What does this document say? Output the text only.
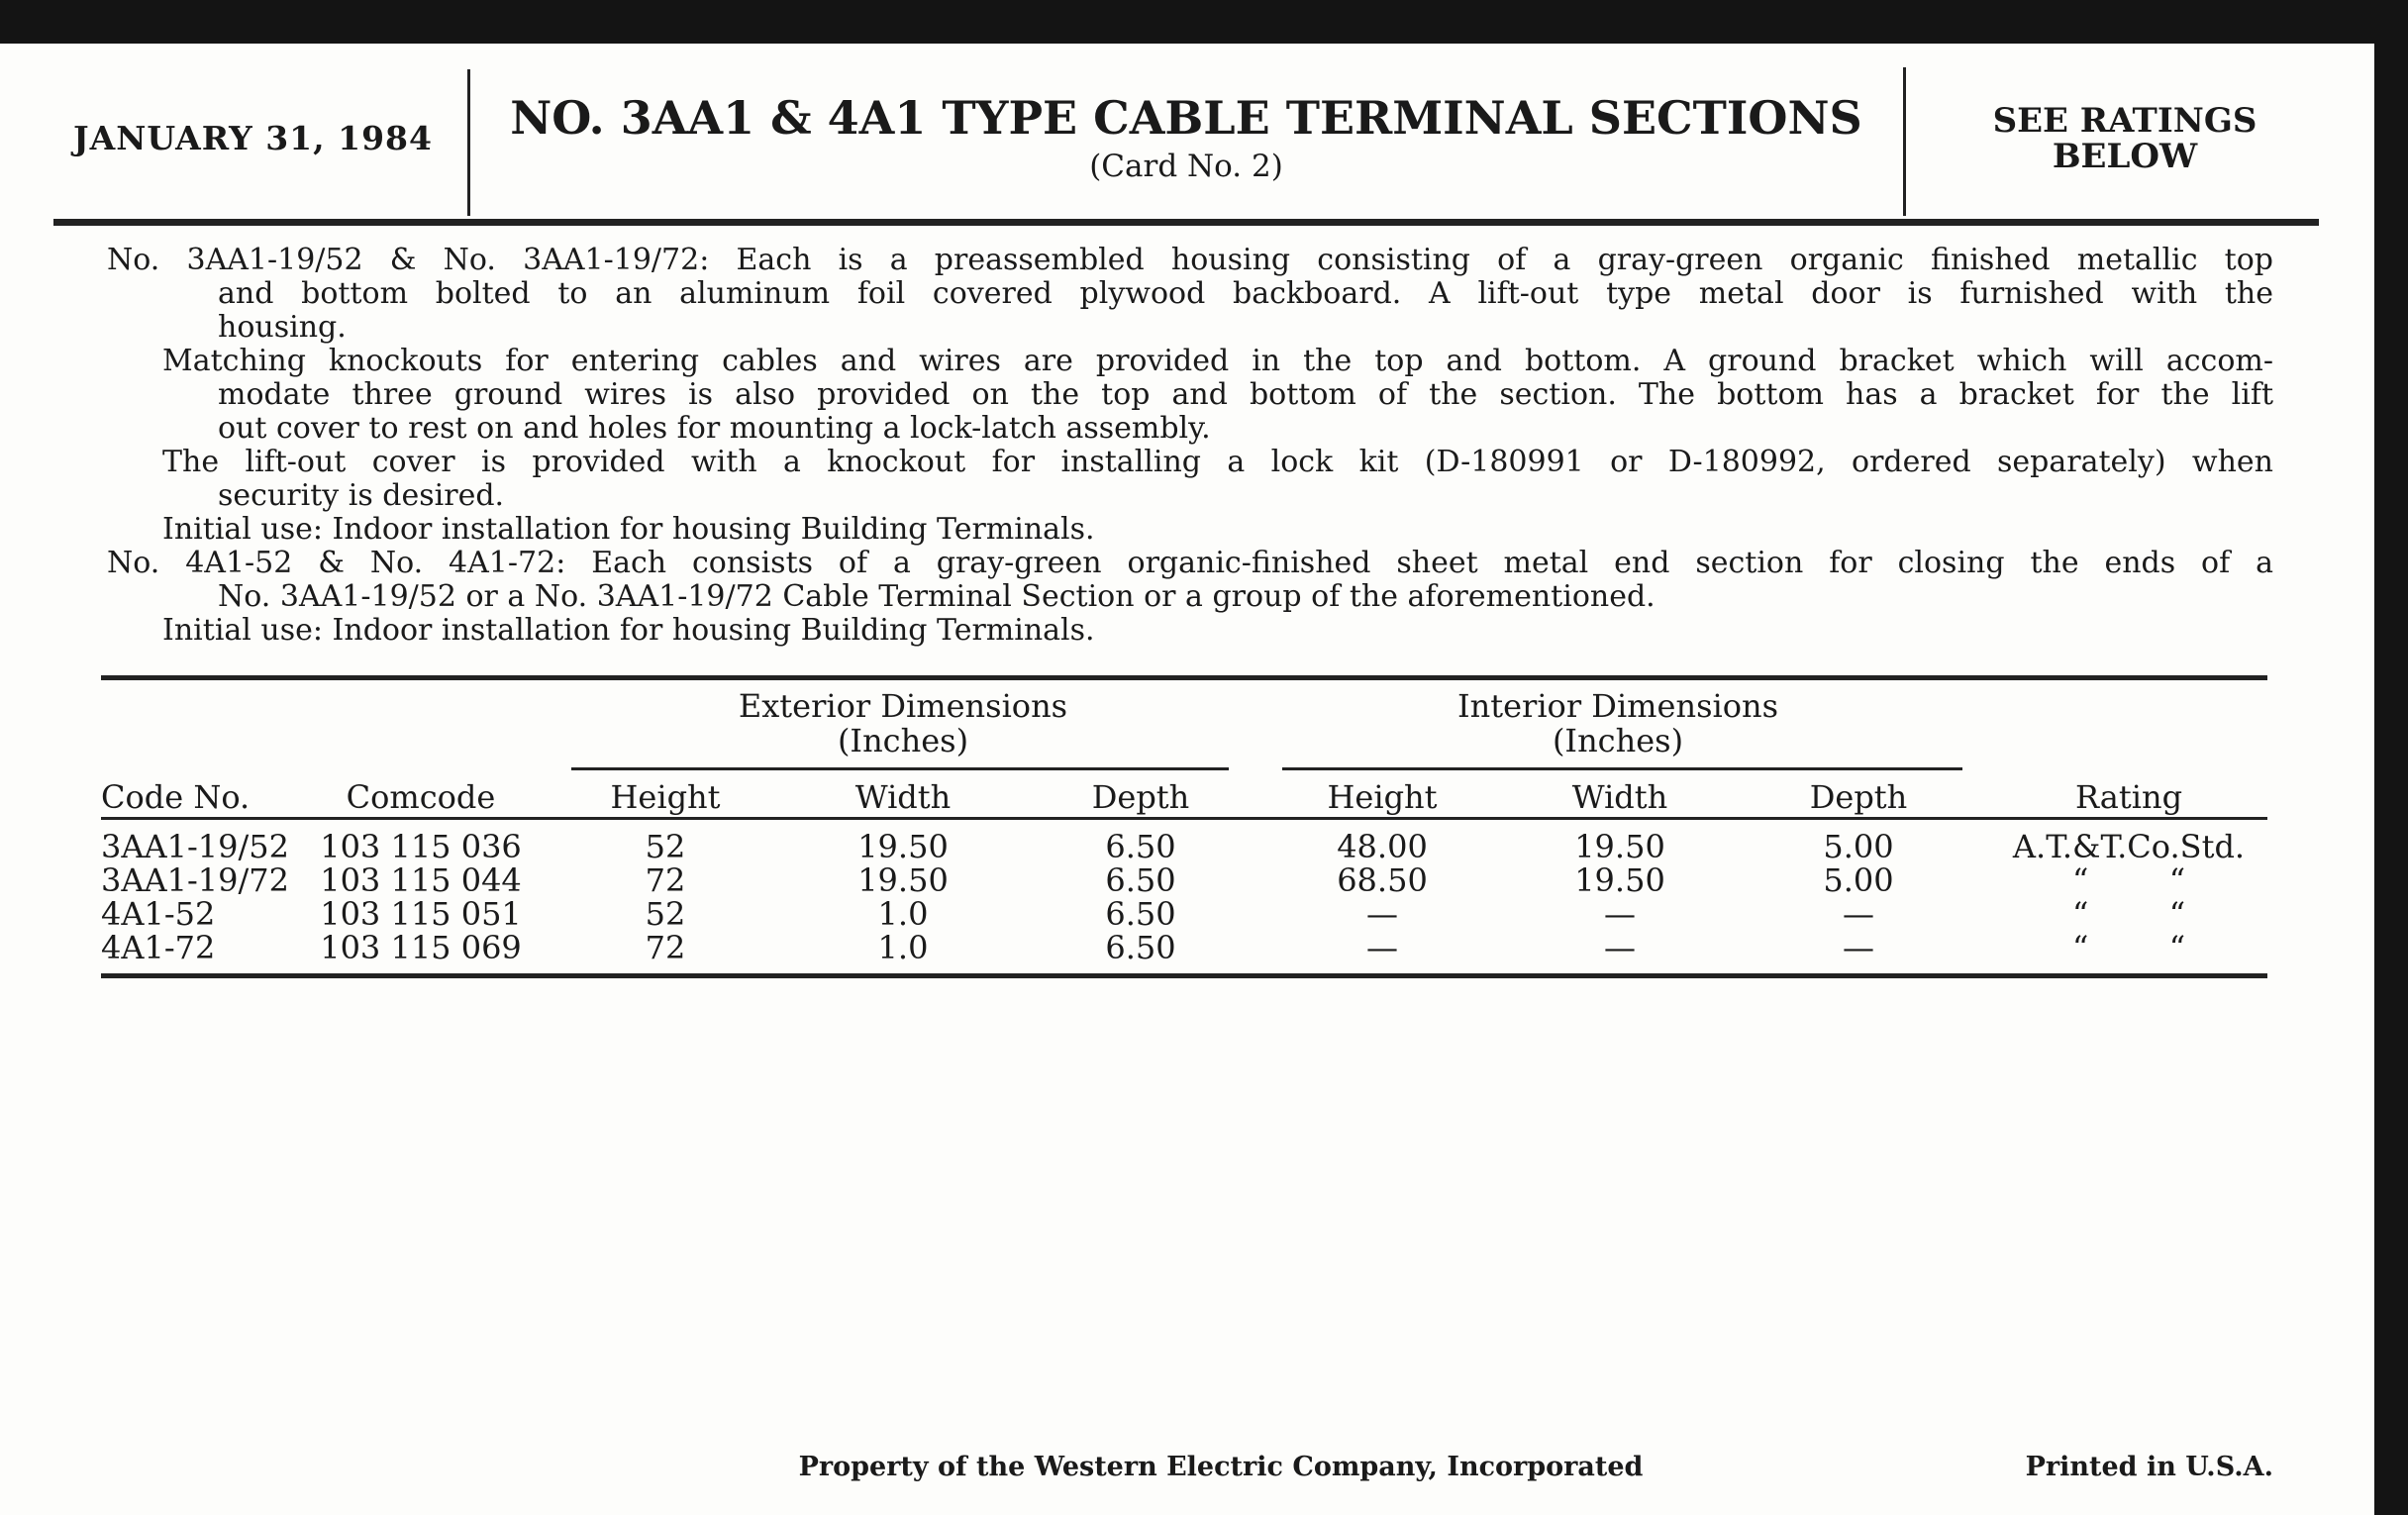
JANUARY 31, 1984	NO. 3AA1 & 4A1 TYPE CABLE TERMINAL SECTIONS
(Card No. 2)
SEE RATINGS
BELOW
No. 3AA1-19/52 & No. 3AA1-19/72: Each is a preassembled housing consisting of a gray-green organic finished metallic top
and bottom bolted to an aluminum foil covered plywood backboard. A lift-out type metal door is furnished with the
housing.
Matching knockouts for entering cables and wires are provided in the top and bottom. A ground bracket which will accom-
modate three ground wires is also provided on the top and bottom of the section. The bottom has a bracket for the lift
out cover to rest on and holes for mounting a lock-latch assembly.
The lift-out cover is provided with a knockout for installing a lock kit (D-180991 or D-180992, ordered separately) when
security is desired.
Initial use: Indoor installation for housing Building Terminals.
No. 4A1-52 & No. 4A1-72: Each consists of a gray-green organic-finished sheet metal end section for closing the ends of a
No. 3AA1-19/52 or a No. 3AA1-19/72 Cable Terminal Section or a group of the aforementioned.
Initial use: Indoor installation for housing Building Terminals.
Exterior Dimensions
(Inches)
Interior Dimensions
(Inches)
Code No.	Comcode	Height	Width	Depth	Height	Width	Depth	Rating
3AA1-19/52 103 115 036	52	19.50	6.50	48.00	19.50	5.00	A.T.&T.Co.Std.
3AA1-19/72 103 115 044	72	19.50	6.50	68.50	19.50	5.00	“        “
4A1-52	103 115 051	52	1.0	6.50	—	—	—	“        “
4A1-72	103 115 069	72	1.0	6.50	—	—	—	“        “
Property of the Western Electric Company, Incorporated	Printed in U.S.A.
